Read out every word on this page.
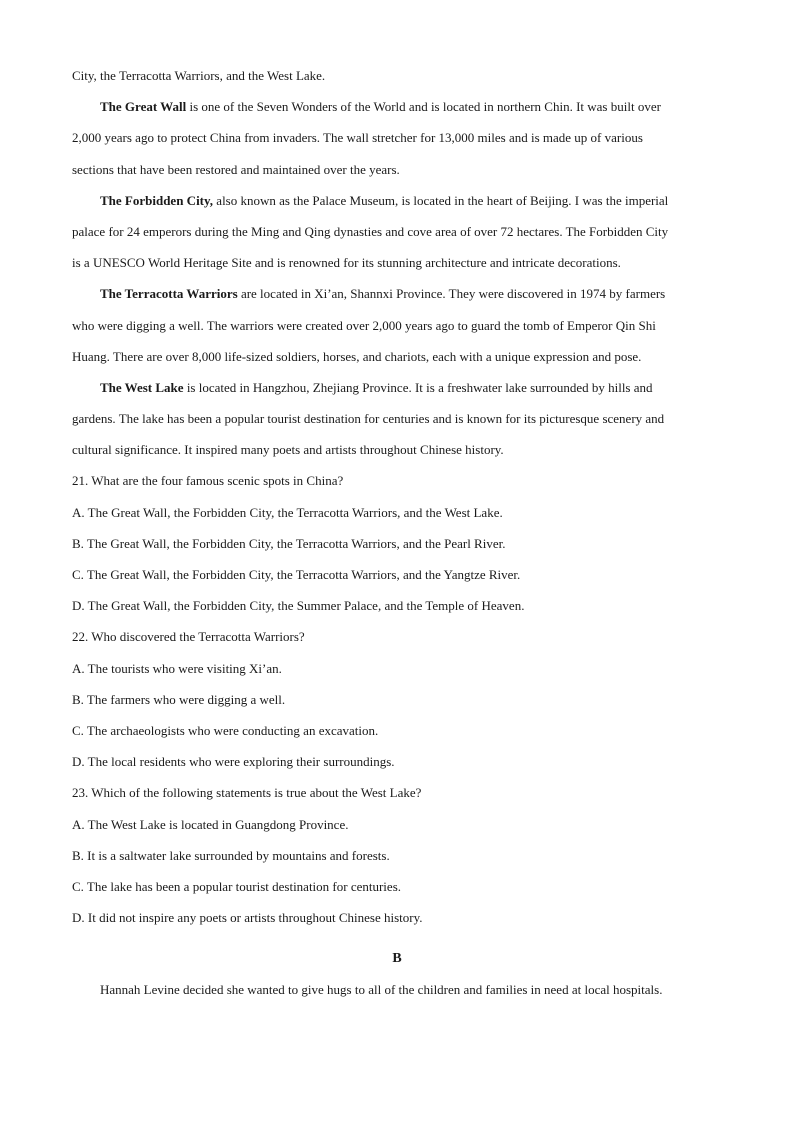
City, the Terracotta Warriors, and the West Lake.
The Great Wall is one of the Seven Wonders of the World and is located in northern Chin. It was built over
2,000 years ago to protect China from invaders. The wall stretcher for 13,000 miles and is made up of various
sections that have been restored and maintained over the years.
The Forbidden City, also known as the Palace Museum, is located in the heart of Beijing. I was the imperial
palace for 24 emperors during the Ming and Qing dynasties and cove area of over 72 hectares. The Forbidden City
is a UNESCO World Heritage Site and is renowned for its stunning architecture and intricate decorations.
The Terracotta Warriors are located in Xi’an, Shannxi Province. They were discovered in 1974 by farmers
who were digging a well. The warriors were created over 2,000 years ago to guard the tomb of Emperor Qin Shi
Huang. There are over 8,000 life-sized soldiers, horses, and chariots, each with a unique expression and pose.
The West Lake is located in Hangzhou, Zhejiang Province. It is a freshwater lake surrounded by hills and
gardens. The lake has been a popular tourist destination for centuries and is known for its picturesque scenery and
cultural significance. It inspired many poets and artists throughout Chinese history.
21. What are the four famous scenic spots in China?
A. The Great Wall, the Forbidden City, the Terracotta Warriors, and the West Lake.
B. The Great Wall, the Forbidden City, the Terracotta Warriors, and the Pearl River.
C. The Great Wall, the Forbidden City, the Terracotta Warriors, and the Yangtze River.
D. The Great Wall, the Forbidden City, the Summer Palace, and the Temple of Heaven.
22. Who discovered the Terracotta Warriors?
A. The tourists who were visiting Xi’an.
B. The farmers who were digging a well.
C. The archaeologists who were conducting an excavation.
D. The local residents who were exploring their surroundings.
23. Which of the following statements is true about the West Lake?
A. The West Lake is located in Guangdong Province.
B. It is a saltwater lake surrounded by mountains and forests.
C. The lake has been a popular tourist destination for centuries.
D. It did not inspire any poets or artists throughout Chinese history.
B
Hannah Levine decided she wanted to give hugs to all of the children and families in need at local hospitals.
